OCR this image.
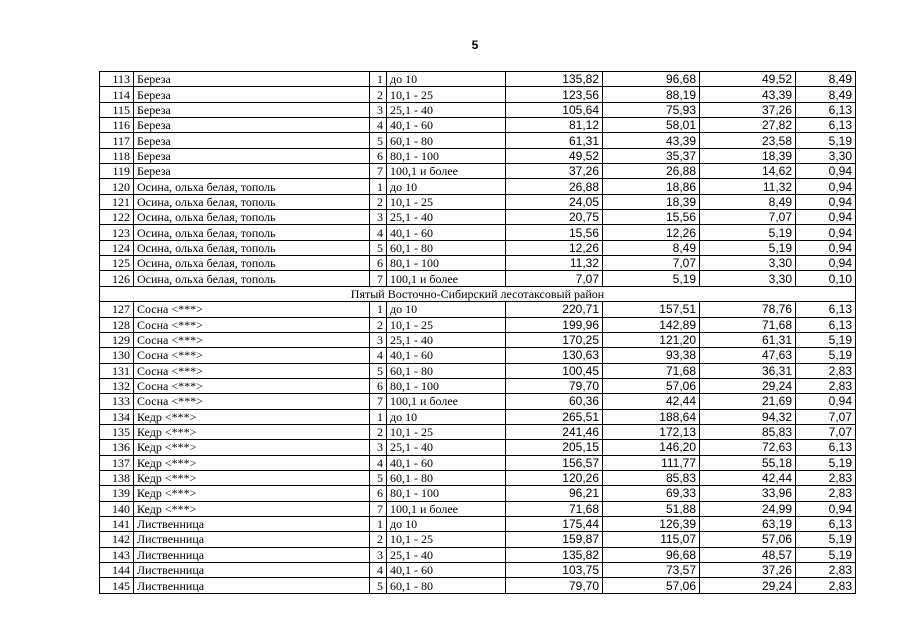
5
113	Береза	1	до 10	135,82	96,68	49,52	8,49
114	Береза	2	10,1 - 25	123,56	88,19	43,39	8,49
115	Береза	3	25,1 - 40	105,64	75,93	37,26	6,13
116	Береза	4	40,1 - 60	81,12	58,01	27,82	6,13
117	Береза	5	60,1 - 80	61,31	43,39	23,58	5,19
118	Береза	6	80,1 - 100	49,52	35,37	18,39	3,30
119	Береза	7	100,1 и более	37,26	26,88	14,62	0,94
120	Осина, ольха белая, тополь	1	до 10	26,88	18,86	11,32	0,94
121	Осина, ольха белая, тополь	2	10,1 - 25	24,05	18,39	8,49	0,94
122	Осина, ольха белая, тополь	3	25,1 - 40	20,75	15,56	7,07	0,94
123	Осина, ольха белая, тополь	4	40,1 - 60	15,56	12,26	5,19	0,94
124	Осина, ольха белая, тополь	5	60,1 - 80	12,26	8,49	5,19	0,94
125	Осина, ольха белая, тополь	6	80,1 - 100	11,32	7,07	3,30	0,94
126	Осина, ольха белая, тополь	7	100,1 и более	7,07	5,19	3,30	0,10
Пятый Восточно-Сибирский лесотаксовый район							
127	Сосна <***>	1	до 10	220,71	157,51	78,76	6,13
128	Сосна <***>	2	10,1 - 25	199,96	142,89	71,68	6,13
129	Сосна <***>	3	25,1 - 40	170,25	121,20	61,31	5,19
130	Сосна <***>	4	40,1 - 60	130,63	93,38	47,63	5,19
131	Сосна <***>	5	60,1 - 80	100,45	71,68	36,31	2,83
132	Сосна <***>	6	80,1 - 100	79,70	57,06	29,24	2,83
133	Сосна <***>	7	100,1 и более	60,36	42,44	21,69	0,94
134	Кедр <***>	1	до 10	265,51	188,64	94,32	7,07
135	Кедр <***>	2	10,1 - 25	241,46	172,13	85,83	7,07
136	Кедр <***>	3	25,1 - 40	205,15	146,20	72,63	6,13
137	Кедр <***>	4	40,1 - 60	156,57	111,77	55,18	5,19
138	Кедр <***>	5	60,1 - 80	120,26	85,83	42,44	2,83
139	Кедр <***>	6	80,1 - 100	96,21	69,33	33,96	2,83
140	Кедр <***>	7	100,1 и более	71,68	51,88	24,99	0,94
141	Лиственница	1	до 10	175,44	126,39	63,19	6,13
142	Лиственница	2	10,1 - 25	159,87	115,07	57,06	5,19
143	Лиственница	3	25,1 - 40	135,82	96,68	48,57	5,19
144	Лиственница	4	40,1 - 60	103,75	73,57	37,26	2,83
145	Лиственница	5	60,1 - 80	79,70	57,06	29,24	2,83
